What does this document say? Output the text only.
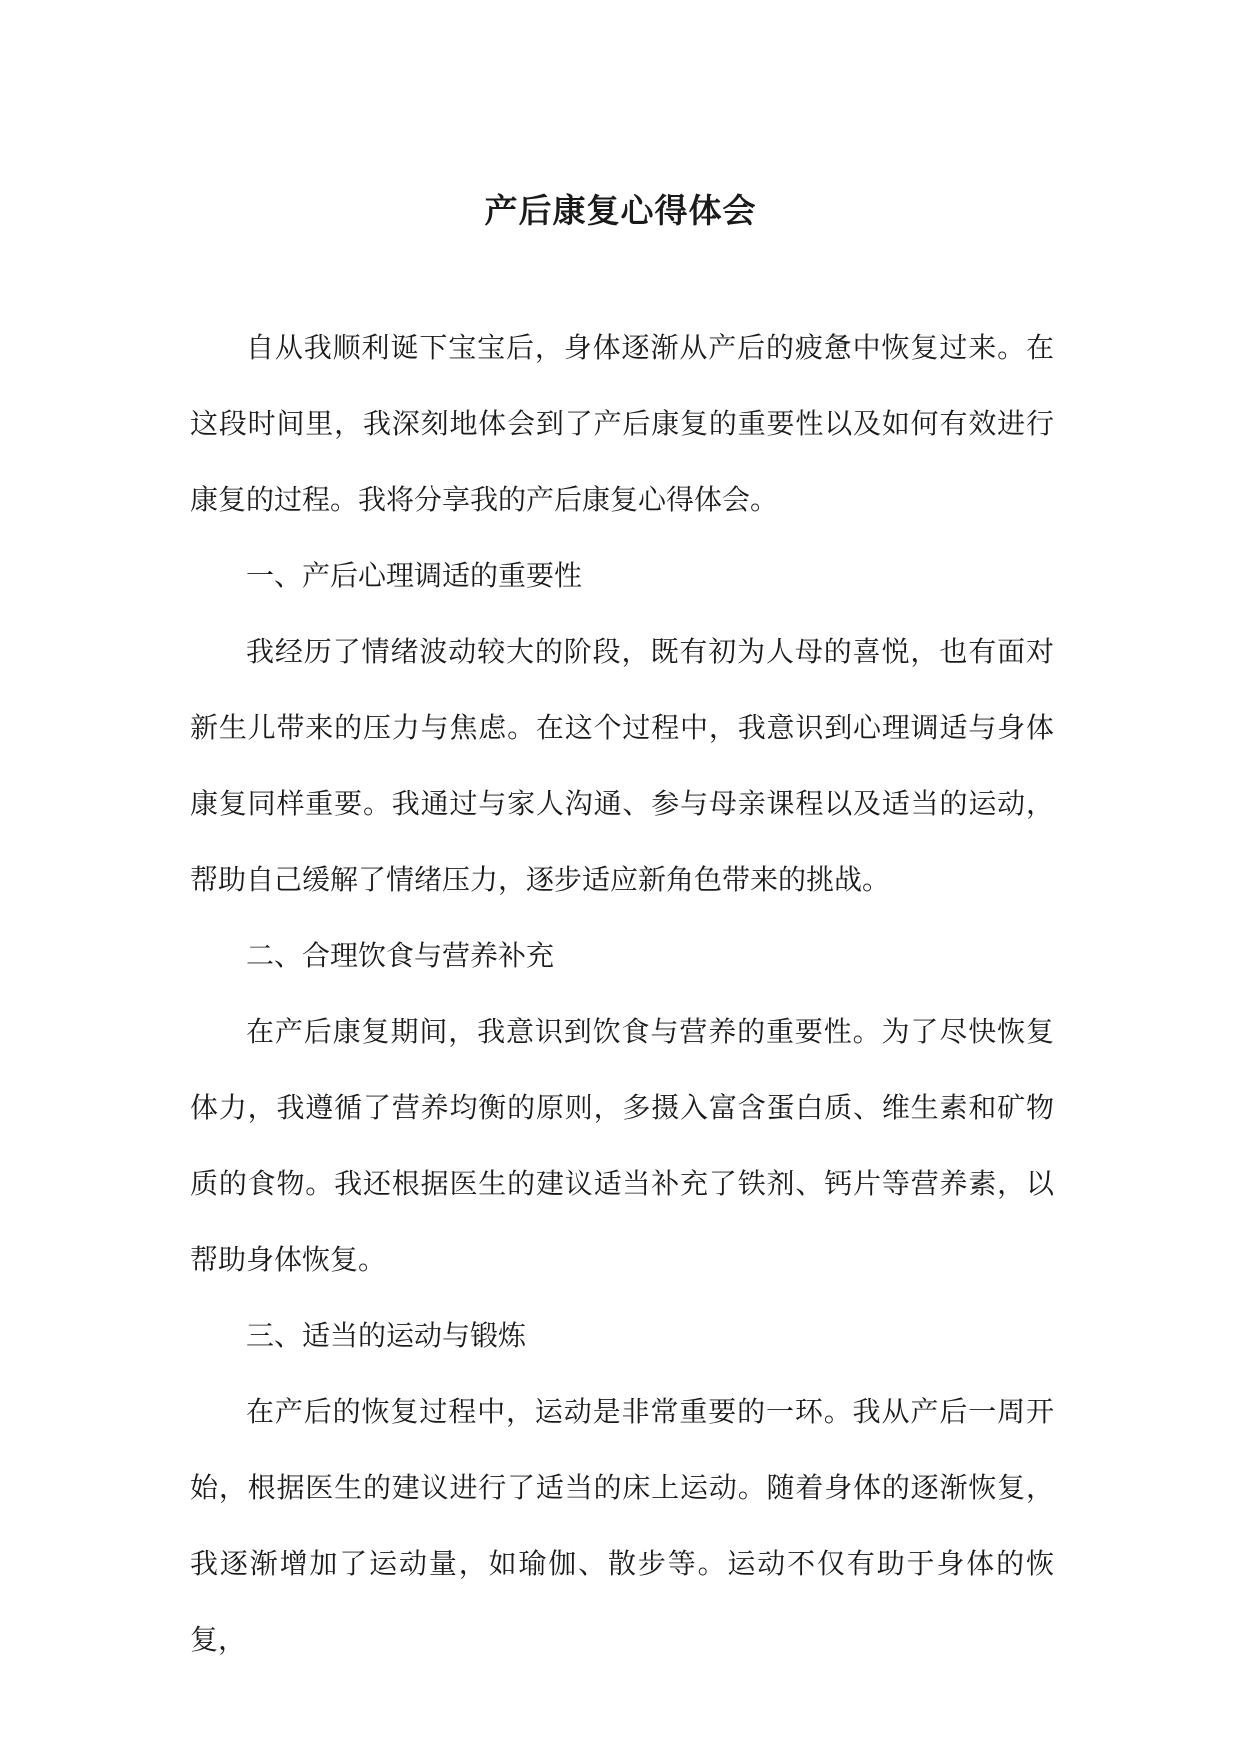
产后康复心得体会

自从我顺利诞下宝宝后，身体逐渐从产后的疲惫中恢复过来。在这段时间里，我深刻地体会到了产后康复的重要性以及如何有效进行康复的过程。我将分享我的产后康复心得体会。

一、产后心理调适的重要性

我经历了情绪波动较大的阶段，既有初为人母的喜悦，也有面对新生儿带来的压力与焦虑。在这个过程中，我意识到心理调适与身体康复同样重要。我通过与家人沟通、参与母亲课程以及适当的运动，帮助自己缓解了情绪压力，逐步适应新角色带来的挑战。

二、合理饮食与营养补充

在产后康复期间，我意识到饮食与营养的重要性。为了尽快恢复体力，我遵循了营养均衡的原则，多摄入富含蛋白质、维生素和矿物质的食物。我还根据医生的建议适当补充了铁剂、钙片等营养素，以帮助身体恢复。

三、适当的运动与锻炼

在产后的恢复过程中，运动是非常重要的一环。我从产后一周开始，根据医生的建议进行了适当的床上运动。随着身体的逐渐恢复，我逐渐增加了运动量，如瑜伽、散步等。运动不仅有助于身体的恢复，
